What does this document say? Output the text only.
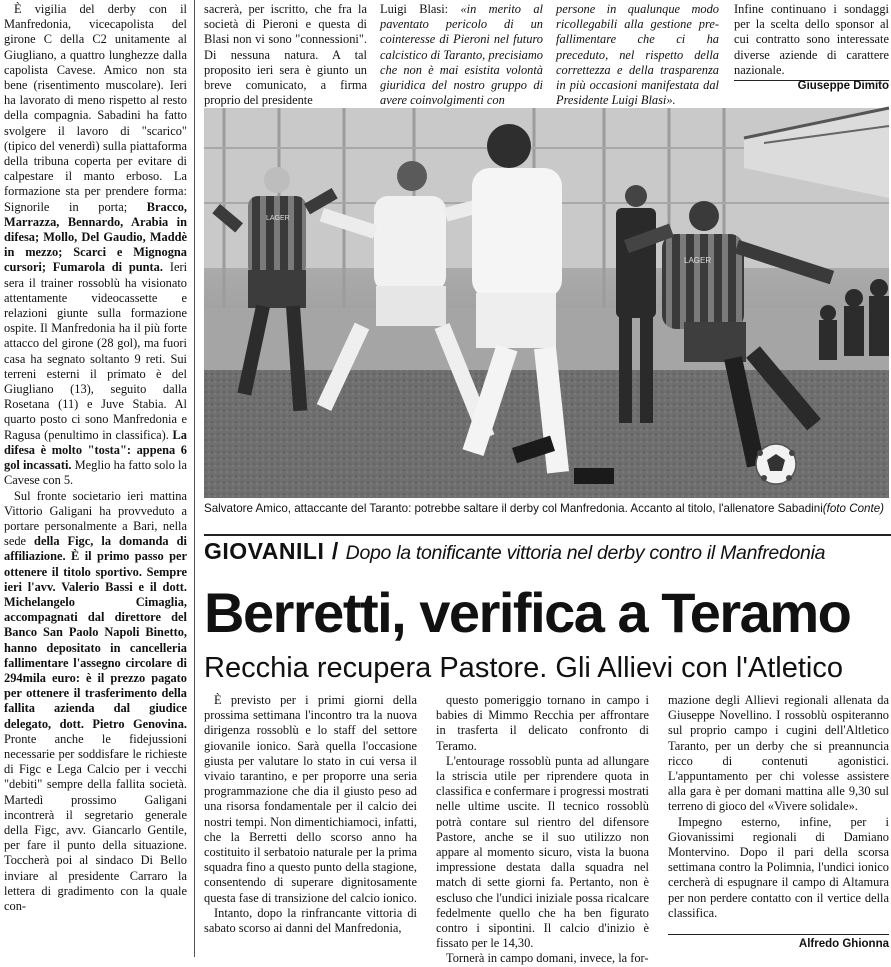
È vigilia del derby con il Manfredonia, vicecapolista del girone C della C2 unitamente al Giugliano, a quattro lunghezze dalla capolista Cavese. Amico non sta bene (risentimento muscolare). Ieri ha lavorato di meno rispetto al resto della compagnia. Sabadini ha fatto svolgere il lavoro di "scarico" (tipico del venerdì) sulla piattaforma della tribuna coperta per evitare di calpestare il manto erboso. La formazione sta per prendere forma: Signorile in porta; Bracco, Marrazza, Bennardo, Arabia in difesa; Mollo, Del Gaudio, Maddè in mezzo; Scarci e Mignogna cursori; Fumarola di punta. Ieri sera il trainer rossoblù ha visionato attentamente videocassette e relazioni giunte sulla formazione ospite. Il Manfredonia ha il più forte attacco del girone (28 gol), ma fuori casa ha segnato soltanto 9 reti. Sui terreni esterni il primato è del Giugliano (13), seguito dalla Rosetana (11) e Juve Stabia. Al quarto posto ci sono Manfredonia e Ragusa (penultimo in classifica). La difesa è molto "tosta": appena 6 gol incassati. Meglio ha fatto solo la Cavese con 5.

Sul fronte societario ieri mattina Vittorio Galigani ha provveduto a portare personalmente a Bari, nella sede della Figc, la domanda di affiliazione. È il primo passo per ottenere il titolo sportivo. Sempre ieri l'avv. Valerio Bassi e il dott. Michelangelo Cimaglia, accompagnati dal direttore del Banco San Paolo Napoli Binetto, hanno depositato in cancelleria fallimentare l'assegno circolare di 294mila euro: è il prezzo pagato per ottenere il trasferimento della fallita azienda dal giudice delegato, dott. Pietro Genovina. Pronte anche le fidejussioni necessarie per soddisfare le richieste di Figc e Lega Calcio per i vecchi "debiti" sempre della fallita società. Martedì prossimo Galigani incontrerà il segretario generale della Figc, avv. Giancarlo Gentile, per fare il punto della situazione. Toccherà poi al sindaco Di Bello inviare al presidente Carraro la lettera di gradimento con la quale con-

sacrerà, per iscritto, che fra la società di Pieroni e questa di Blasi non vi sono "connessioni". Di nessuna natura. A tal proposito ieri sera è giunto un breve comunicato, a firma proprio del presidente
Luigi Blasi: «in merito al paventato pericolo di un cointeresse di Pieroni nel futuro calcistico di Taranto, precisiamo che non è mai esistita volontà giuridica del nostro gruppo di avere coinvolgimenti con
persone in qualunque modo ricollegabili alla gestione pre-fallimentare che ci ha preceduto, nel rispetto della correttezza e della trasparenza in più occasioni manifestata dal Presidente Luigi Blasi».
Infine continuano i sondaggi per la scelta dello sponsor al cui contratto sono interessate diverse aziende di carattere nazionale.
Giuseppe Dimito
LAGER
LAGER
Salvatore Amico, attaccante del Taranto: potrebbe saltare il derby col Manfredonia. Accanto al titolo, l'allenatore Sabadini(foto Conte)
GIOVANILI / Dopo la tonificante vittoria nel derby contro il Manfredonia
Berretti, verifica a Teramo
Recchia recupera Pastore. Gli Allievi con l'Atletico

È previsto per i primi giorni della prossima settimana l'incontro tra la nuova dirigenza rossoblù e lo staff del settore giovanile ionico. Sarà quella l'occasione giusta per valutare lo stato in cui versa il vivaio tarantino, e per proporre una seria programmazione che dia il giusto peso ad una risorsa fondamentale per il calcio dei nostri tempi. Non dimentichiamoci, infatti, che la Berretti dello scorso anno ha costituito il serbatoio naturale per la prima squadra fino a questo punto della stagione, consentendo di superare dignitosamente questa fase di transizione del calcio ionico.

Intanto, dopo la rinfrancante vittoria di sabato scorso ai danni del Manfredonia,

questo pomeriggio tornano in campo i babies di Mimmo Recchia per affrontare in trasferta il delicato confronto di Teramo.

L'entourage rossoblù punta ad allungare la striscia utile per riprendere quota in classifica e confermare i progressi mostrati nelle ultime uscite. Il tecnico rossoblù potrà contare sul rientro del difensore Pastore, anche se il suo utilizzo non appare al momento sicuro, vista la buona impressione destata dalla squadra nel match di sette giorni fa. Pertanto, non è escluso che l'undici iniziale possa ricalcare fedelmente quello che ha ben figurato contro i sipontini. Il calcio d'inizio è fissato per le 14,30.

Tornerà in campo domani, invece, la for-

mazione degli Allievi regionali allenata da Giuseppe Novellino. I rossoblù ospiteranno sul proprio campo i cugini dell'Altletico Taranto, per un derby che si preannuncia ricco di contenuti agonistici. L'appuntamento per chi volesse assistere alla gara è per domani mattina alle 9,30 sul terreno di gioco del «Vivere solidale».

Impegno esterno, infine, per i Giovanissimi regionali di Damiano Montervino. Dopo il pari della scorsa settimana contro la Polimnia, l'undici ionico cercherà di espugnare il campo di Altamura per non perdere contatto con il vertice della classifica.

Alfredo Ghionna
